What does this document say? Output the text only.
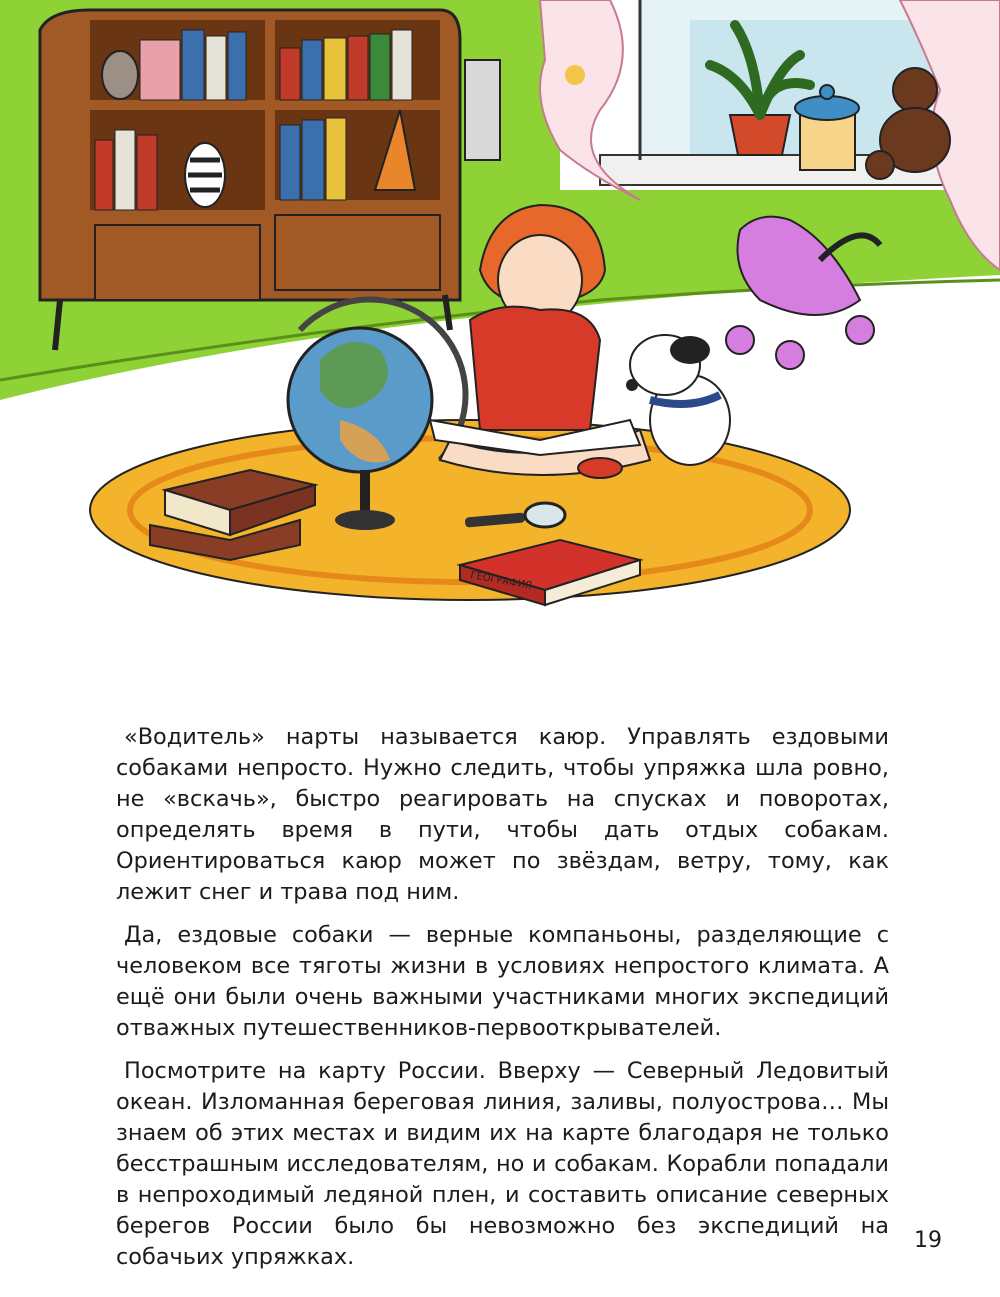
ГЕОГРАФИЯ

«Водитель» нарты называется каюр. Управлять ездовыми собаками непросто. Нужно следить, чтобы упряжка шла ровно, не «вскачь», быстро реагировать на спусках и поворотах, определять время в пути, чтобы дать отдых собакам. Ориентироваться каюр может по звёздам, ветру, тому, как лежит снег и трава под ним.

Да, ездовые собаки — верные компаньоны, разделяющие с человеком все тяготы жизни в условиях непростого климата. А ещё они были очень важными участниками многих экспедиций отважных путешественников-первооткрывателей.

Посмотрите на карту России. Вверху — Северный Ледовитый океан. Изломанная береговая линия, заливы, полуострова… Мы знаем об этих местах и видим их на карте благодаря не только бесстрашным исследователям, но и собакам. Корабли попадали в непроходимый ледяной плен, и составить описание северных берегов России было бы невозможно без экспедиций на собачьих упряжках.

19
